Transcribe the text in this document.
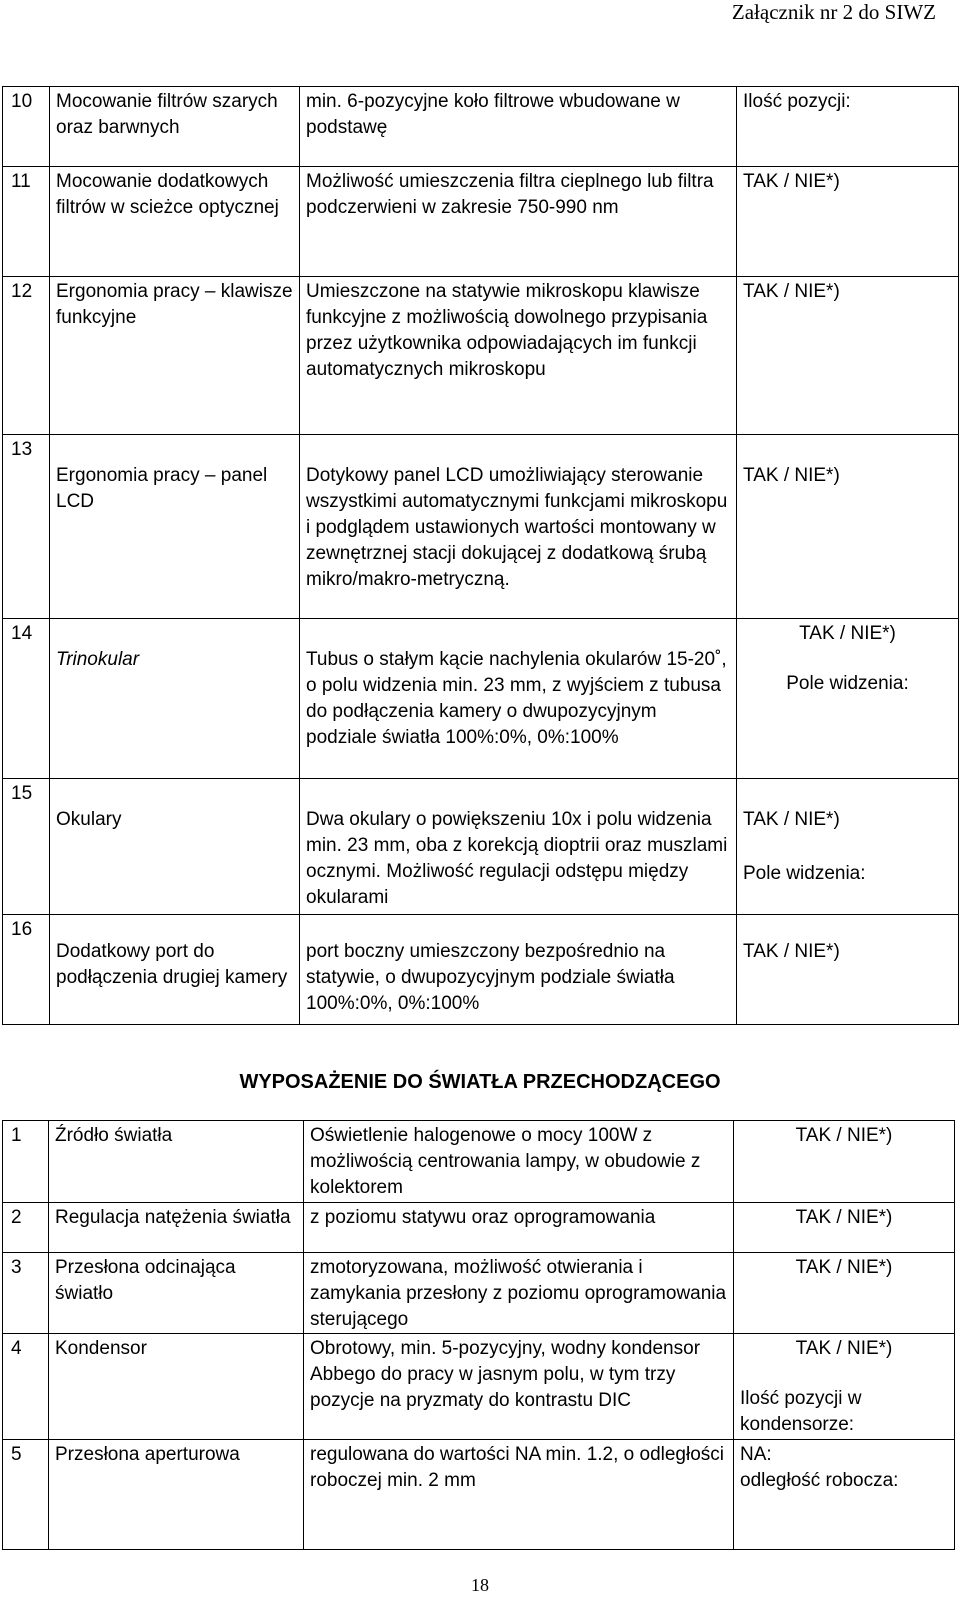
Załącznik nr 2 do SIWZ
10	Mocowanie filtrów szarych oraz barwnych	min. 6-pozycyjne koło filtrowe wbudowane w podstawę	Ilość pozycji:
11	Mocowanie dodatkowych filtrów w scieżce optycznej	Możliwość umieszczenia filtra cieplnego lub filtra podczerwieni w zakresie 750-990 nm	TAK / NIE*)
12	Ergonomia pracy – klawisze funkcyjne	Umieszczone na statywie mikroskopu klawisze funkcyjne z możliwością dowolnego przypisania przez użytkownika odpowiadających im funkcji automatycznych mikroskopu	TAK / NIE*)
13	Ergonomia pracy – panel LCD	Dotykowy panel LCD umożliwiający sterowanie wszystkimi automatycznymi funkcjami mikroskopu i podglądem ustawionych wartości montowany w zewnętrznej stacji dokującej z dodatkową śrubą mikro/makro-metryczną.	TAK / NIE*)
14	Trinokular	Tubus o stałym kącie nachylenia okularów 15-20˚, o polu widzenia min. 23 mm, z wyjściem z tubusa do podłączenia kamery o dwupozycyjnym podziale światła 100%:0%, 0%:100%	TAK / NIE*)
Pole widzenia:

15	Okulary	Dwa okulary o powiększeniu 10x i polu widzenia min. 23 mm, oba z korekcją dioptrii oraz muszlami ocznymi. Możliwość regulacji odstępu między okularami	TAK / NIE*)
Pole widzenia:

16	Dodatkowy port do podłączenia drugiej kamery	port boczny umieszczony bezpośrednio na statywie, o dwupozycyjnym podziale światła 100%:0%, 0%:100%	TAK / NIE*)
WYPOSAŻENIE DO ŚWIATŁA PRZECHODZĄCEGO
1	Źródło światła	Oświetlenie halogenowe o mocy 100W z możliwością centrowania lampy, w obudowie z kolektorem	TAK / NIE*)
2	Regulacja natężenia światła	z poziomu statywu oraz oprogramowania	TAK / NIE*)
3	Przesłona odcinająca światło	zmotoryzowana, możliwość otwierania i zamykania przesłony z poziomu oprogramowania sterującego	TAK / NIE*)
4	Kondensor	Obrotowy, min. 5-pozycyjny, wodny kondensor Abbego do pracy w jasnym polu, w tym trzy pozycje na pryzmaty do kontrastu DIC	TAK / NIE*)
Ilość pozycji w kondensorze:

5	Przesłona aperturowa	regulowana do wartości NA min. 1.2, o odległości roboczej min. 2 mm	NA:
odległość robocza:
18
